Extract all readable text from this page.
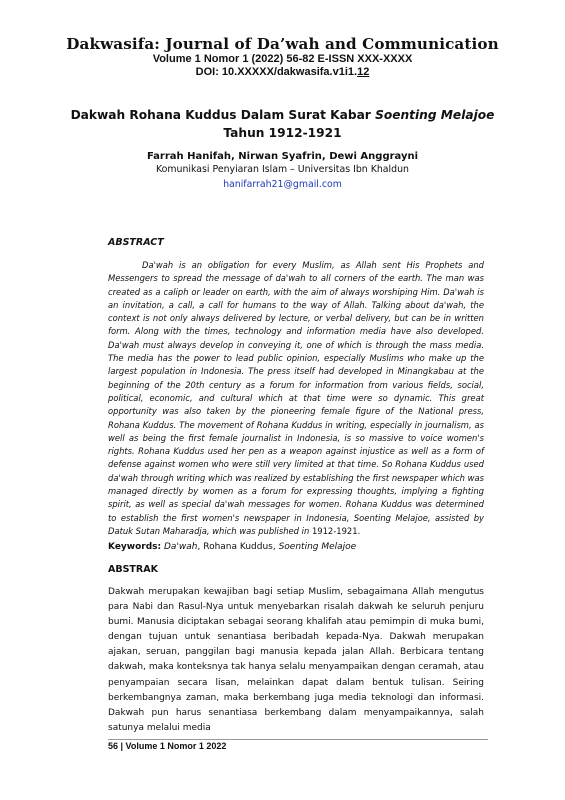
Dakwasifa: Journal of Da’wah and Communication
Volume 1 Nomor 1 (2022) 56-82 E-ISSN XXX-XXXX
DOI: 10.XXXXX/dakwasifa.v1i1.12
Dakwah Rohana Kuddus Dalam Surat Kabar Soenting Melajoe
Tahun 1912-1921
Farrah Hanifah, Nirwan Syafrin, Dewi Anggrayni
Komunikasi Penyiaran Islam – Universitas Ibn Khaldun
hanifarrah21@gmail.com
ABSTRACT
Da'wah is an obligation for every Muslim, as Allah sent His Prophets and Messengers to spread the message of da'wah to all corners of the earth. The man was created as a caliph or leader on earth, with the aim of always worshiping Him. Da'wah is an invitation, a call, a call for humans to the way of Allah. Talking about da'wah, the context is not only always delivered by lecture, or verbal delivery, but can be in written form. Along with the times, technology and information media have also developed. Da'wah must always develop in conveying it, one of which is through the mass media. The media has the power to lead public opinion, especially Muslims who make up the largest population in Indonesia. The press itself had developed in Minangkabau at the beginning of the 20th century as a forum for information from various fields, social, political, economic, and cultural which at that time were so dynamic. This great opportunity was also taken by the pioneering female figure of the National press, Rohana Kuddus. The movement of Rohana Kuddus in writing, especially in journalism, as well as being the first female journalist in Indonesia, is so massive to voice women's rights. Rohana Kuddus used her pen as a weapon against injustice as well as a form of defense against women who were still very limited at that time. So Rohana Kuddus used da'wah through writing which was realized by establishing the first newspaper which was managed directly by women as a forum for expressing thoughts, implying a fighting spirit, as well as special da'wah messages for women. Rohana Kuddus was determined to establish the first women's newspaper in Indonesia, Soenting Melajoe, assisted by Datuk Sutan Maharadja, which was published in 1912-1921.
Keywords: Da'wah, Rohana Kuddus, Soenting Melajoe
ABSTRAK
Dakwah merupakan kewajiban bagi setiap Muslim, sebagaimana Allah mengutus para Nabi dan Rasul-Nya untuk menyebarkan risalah dakwah ke seluruh penjuru bumi. Manusia diciptakan sebagai seorang khalifah atau pemimpin di muka bumi, dengan tujuan untuk senantiasa beribadah kepada-Nya. Dakwah merupakan ajakan, seruan, panggilan bagi manusia kepada jalan Allah. Berbicara tentang dakwah, maka konteksnya tak hanya selalu menyampaikan dengan ceramah, atau penyampaian secara lisan, melainkan dapat dalam bentuk tulisan. Seiring berkembangnya zaman, maka berkembang juga media teknologi dan informasi. Dakwah pun harus senantiasa berkembang dalam menyampaikannya, salah satunya melalui media
56 | Volume 1 Nomor 1 2022
